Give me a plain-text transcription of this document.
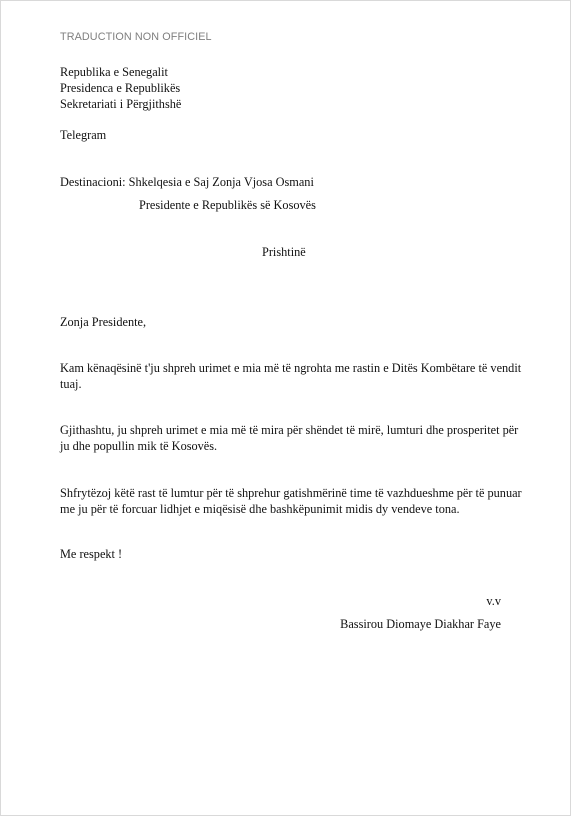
TRADUCTION NON OFFICIEL
Republika e Senegalit
Presidenca e Republikës
Sekretariati i Përgjithshë
Telegram
Destinacioni: Shkelqesia e Saj Zonja Vjosa Osmani
Presidente e Republikës së Kosovës
Prishtinë
Zonja Presidente,
Kam kënaqësinë t'ju shpreh urimet e mia më të ngrohta me rastin e Ditës Kombëtare të vendit
tuaj.
Gjithashtu, ju shpreh urimet e mia më të mira për shëndet të mirë, lumturi dhe prosperitet për
ju dhe popullin mik të Kosovës.
Shfrytëzoj këtë rast të lumtur për të shprehur gatishmërinë time të vazhdueshme për të punuar
me ju për të forcuar lidhjet e miqësisë dhe bashkëpunimit midis dy vendeve tona.
Me respekt !
v.v
Bassirou Diomaye Diakhar Faye
